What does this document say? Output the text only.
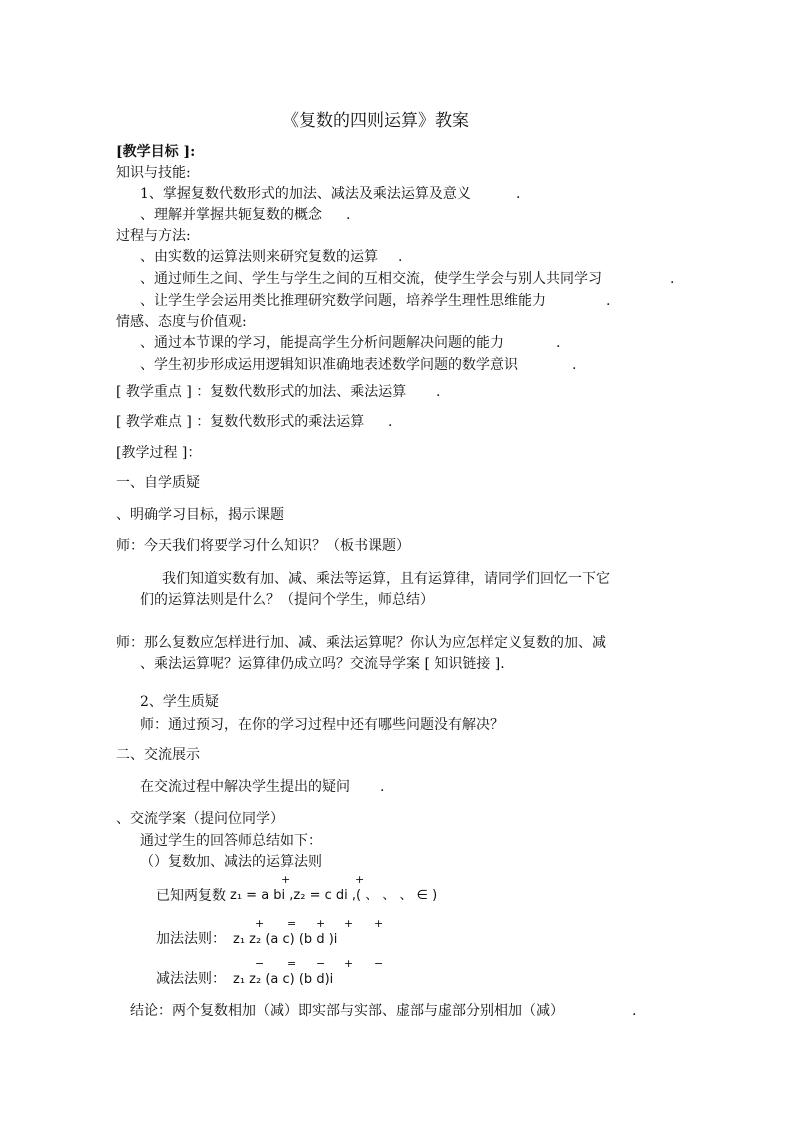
《复数的四则运算》教案
[教学目标 ]:
知识与技能:
1、掌握复数代数形式的加法、减法及乘法运算及意义	.
、理解并掌握共轭复数的概念 .
过程与方法:
、由实数的运算法则来研究复数的运算 .
、通过师生之间、学生与学生之间的互相交流，使学生学会与别人共同学习	.
、让学生学会运用类比推理研究数学问题，培养学生理性思维能力	.
情感、态度与价值观:
、通过本节课的学习，能提高学生分析问题解决问题的能力	.
、学生初步形成运用逻辑知识准确地表述数学问题的数学意识	.
[ 教学重点 ] ：复数代数形式的加法、乘法运算 .
[ 教学难点 ] ：复数代数形式的乘法运算 .
[教学过程 ]：
一、自学质疑
、明确学习目标，揭示课题
师：今天我们将要学习什么知识？（板书课题）
我们知道实数有加、减、乘法等运算，且有运算律，请同学们回忆一下它
们的运算法则是什么？（提问个学生，师总结）
师：那么复数应怎样进行加、减、乘法运算呢？你认为应怎样定义复数的加、减
、乘法运算呢？运算律仍成立吗？交流导学案 [ 知识链接 ].
2、学生质疑
师：通过预习，在你的学习过程中还有哪些问题没有解决？
二、交流展示
在交流过程中解决学生提出的疑问 .
、交流学案（提问位同学）
通过学生的回答师总结如下：
（）复数加、减法的运算法则
已知两复数 z₁ = a bi ,z₂ = c di ,( 、 、 、 ∈ )
+	+
加法法则： z₁ z₂ (a c) (b d )i
+ = + + +
减法法则： z₁ z₂ (a c) (b d)i
− = − + −
结论：两个复数相加（减）即实部与实部、虚部与虚部分别相加（减）	.
